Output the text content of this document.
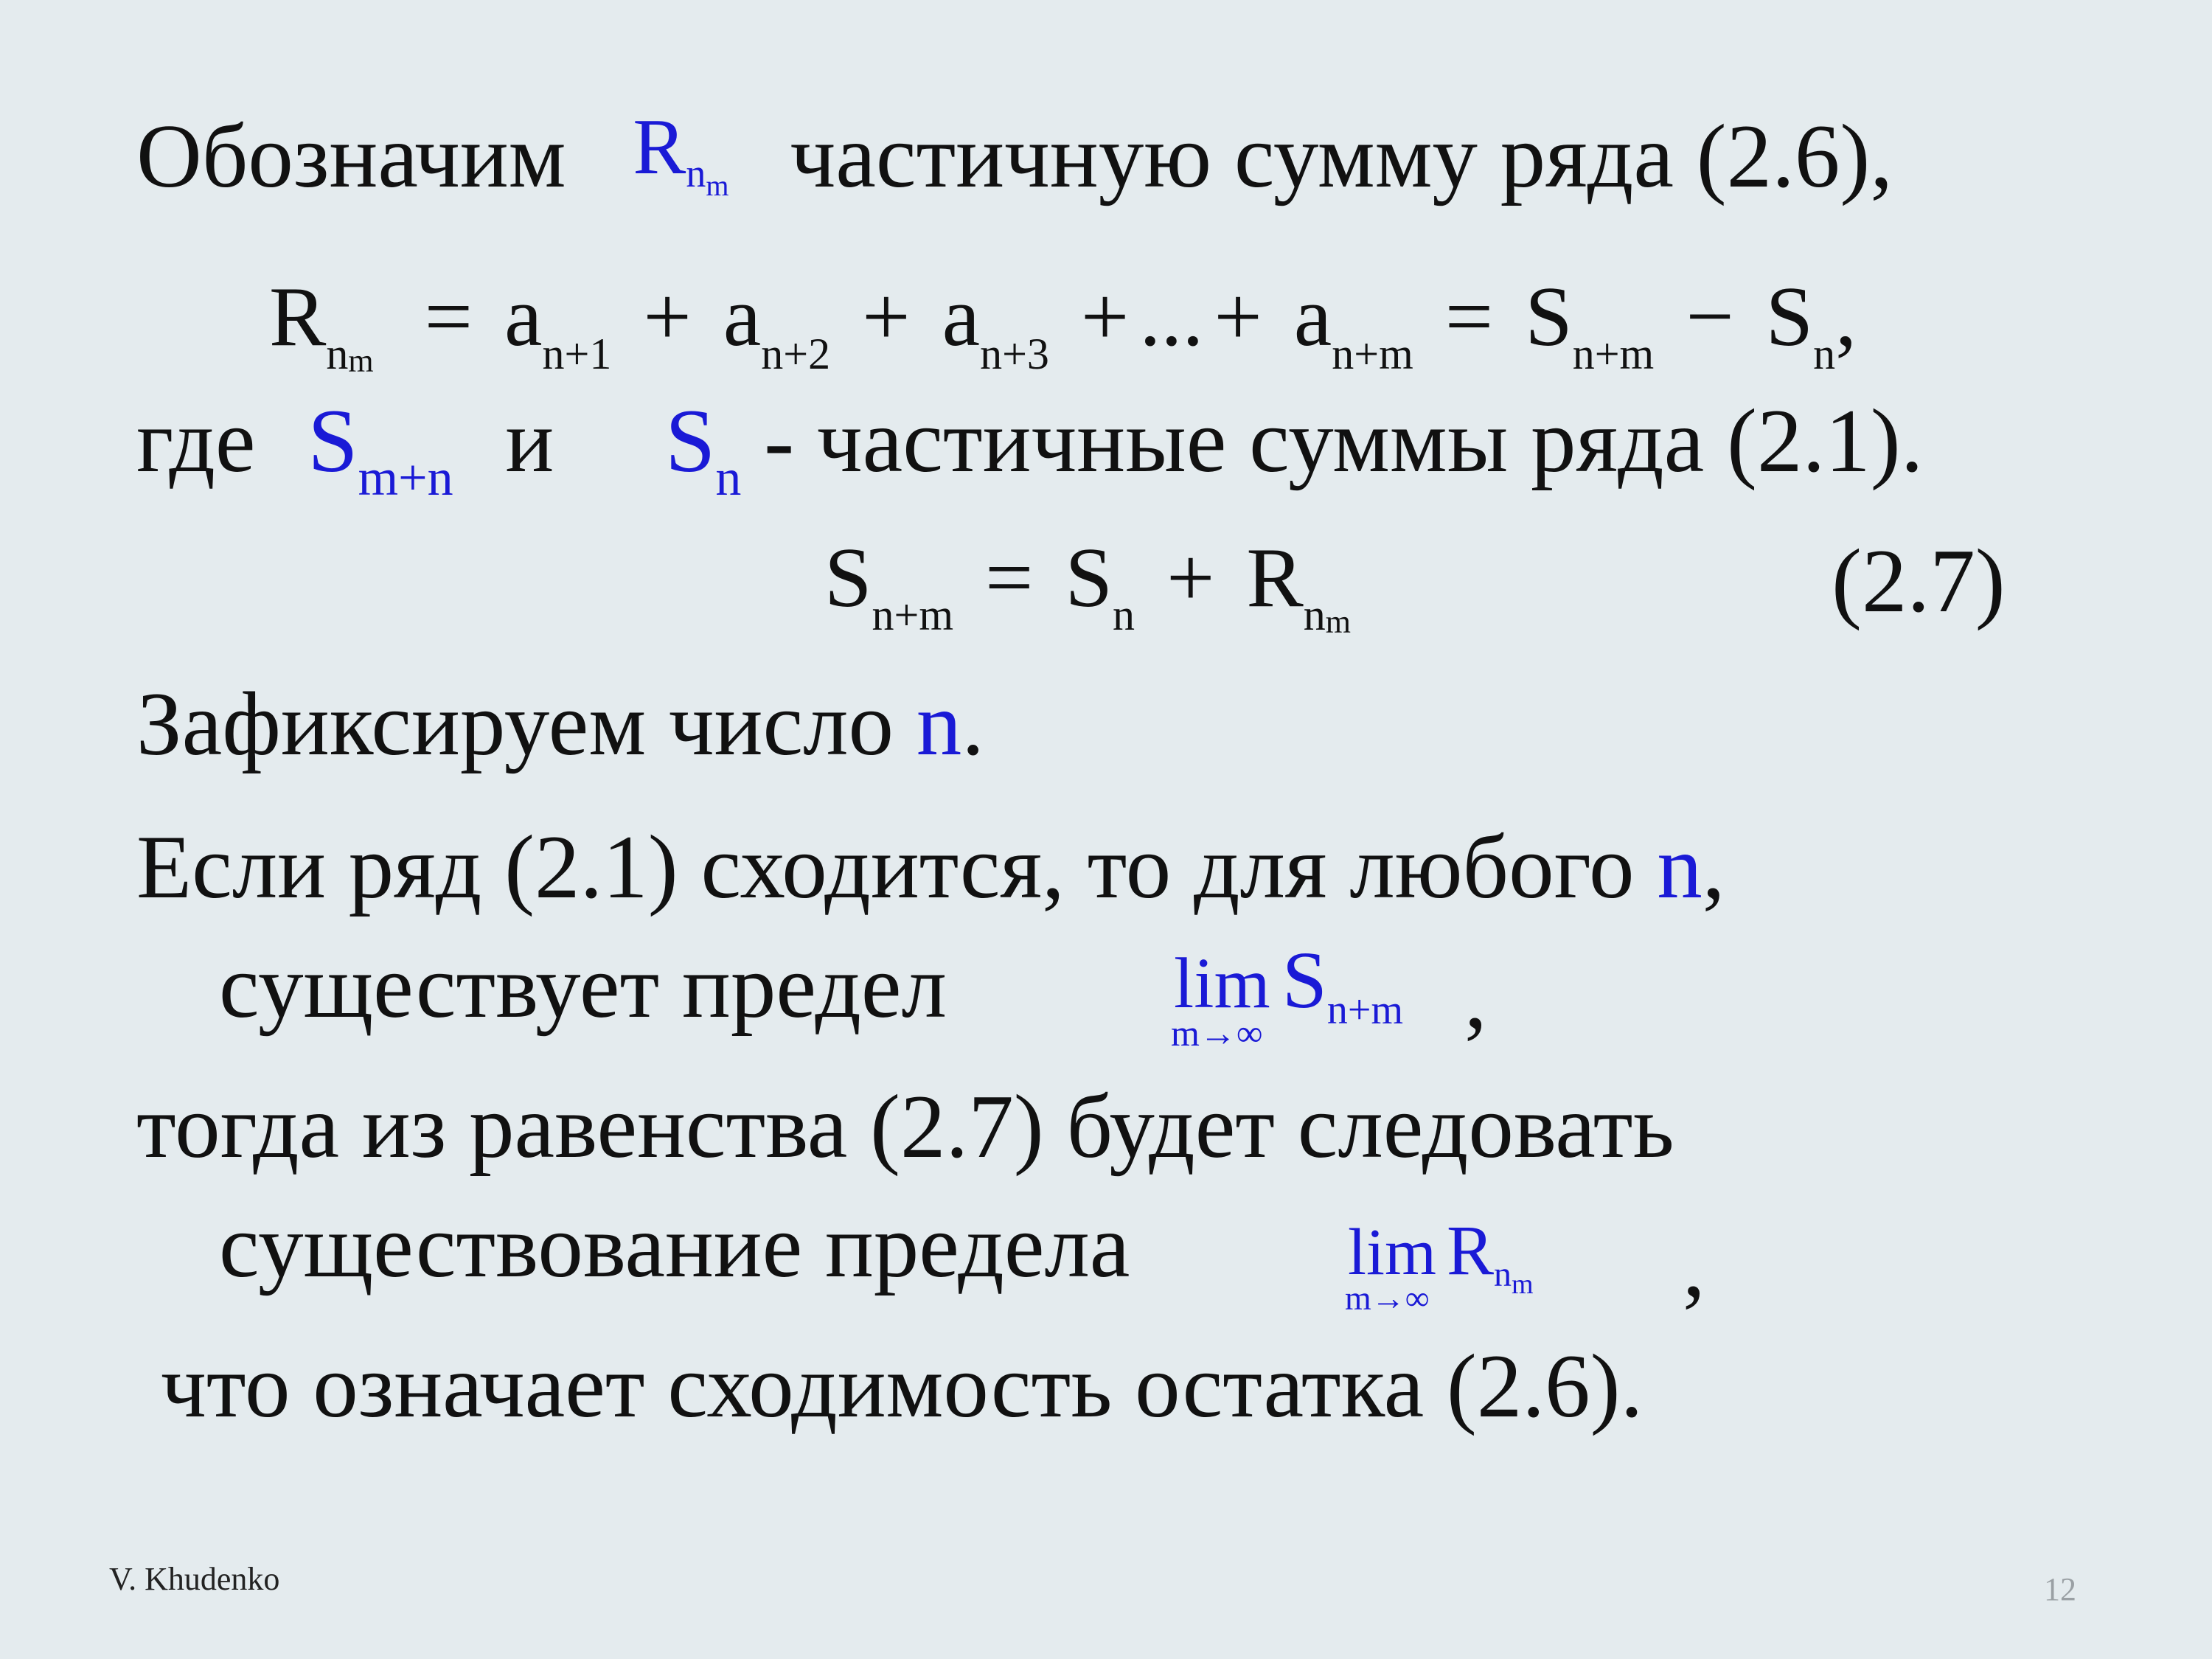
Обозначим $Rn_m$ частичную сумму ряда (2.6),
$R_{nm} = a_{n+1} + a_{n+2} + a_{n+3}$ + ... + $a_{n+m} = S_{n+m} - S_n$,
где $S_{m+n}$ и $S_n$ - частичные суммы ряда (2.1).
$S_{n+m} = S_n + R_{nm}$	(2.7)
Зафиксируем число n.
Если ряд (2.1) сходится, то для любого n,
существует предел	lim Sn+m
m→∞ ,
тогда из равенства (2.7) будет следовать
существование предела	lim Rnm
m→∞	,
что означает сходимость остатка (2.6).
V. Khudenko	12
